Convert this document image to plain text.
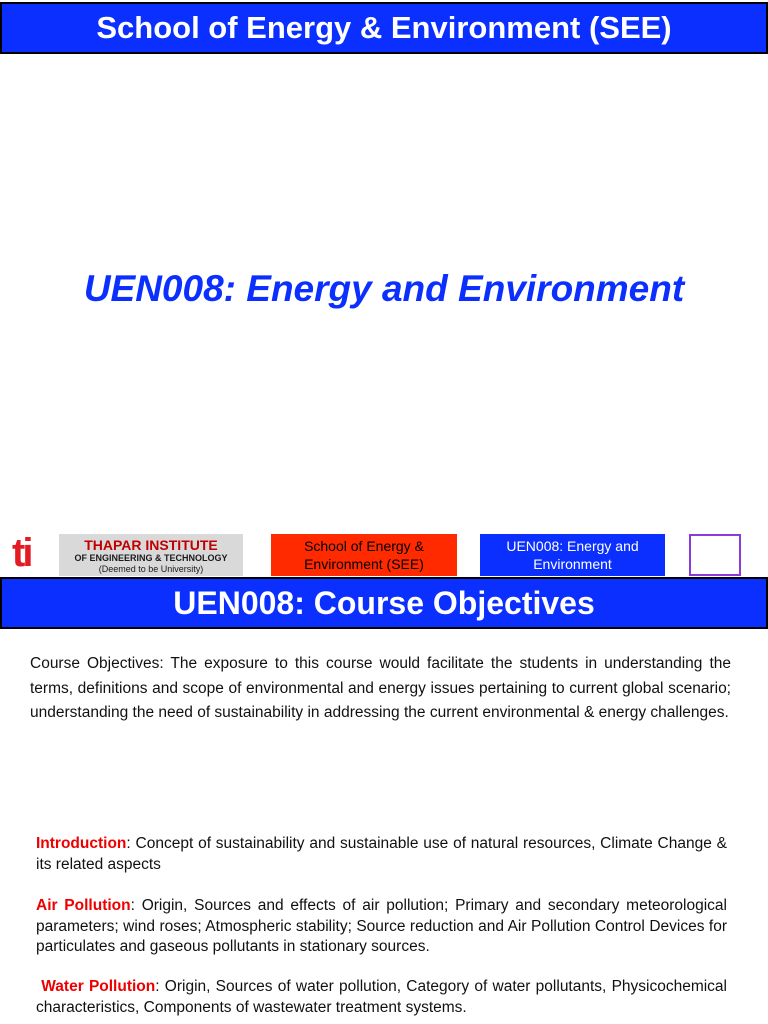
School of Energy & Environment (SEE)
UEN008: Energy and Environment
ti	THAPAR INSTITUTE
OF ENGINEERING & TECHNOLOGY
(Deemed to be University)
School of Energy & Environment (SEE)
UEN008: Energy and Environment
UEN008: Course Objectives
Course Objectives: The exposure to this course would facilitate the students in understanding the terms, definitions and scope of environmental and energy issues pertaining to current global scenario; understanding the need of sustainability in addressing the current environmental & energy challenges.
Introduction: Concept of sustainability and sustainable use of natural resources, Climate Change & its related aspects
Air Pollution: Origin, Sources and effects of air pollution; Primary and secondary meteorological parameters; wind roses; Atmospheric stability; Source reduction and Air Pollution Control Devices for particulates and gaseous pollutants in stationary sources.
Water Pollution: Origin, Sources of water pollution, Category of water pollutants, Physicochemical characteristics, Components of wastewater treatment systems.
